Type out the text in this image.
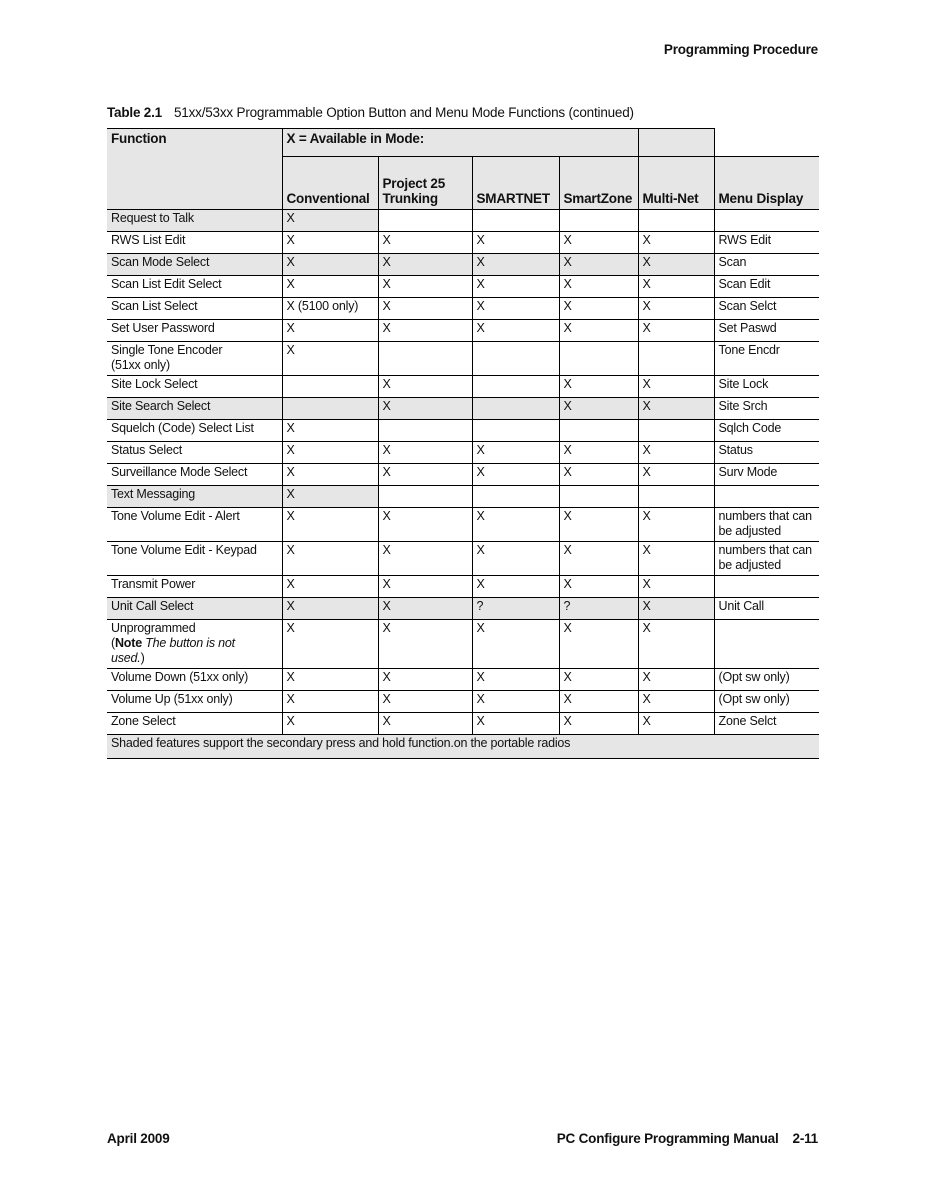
Programming Procedure
Table 2.1 51xx/53xx Programmable Option Button and Menu Mode Functions (continued)
Function	X = Available in Mode:					
	Conventional	Project 25
Trunking	SMARTNET	SmartZone	Multi-Net	Menu Display
Request to Talk	X					
RWS List Edit	X	X	X	X	X	RWS Edit
Scan Mode Select	X	X	X	X	X	Scan
Scan List Edit Select	X	X	X	X	X	Scan Edit
Scan List Select	X (5100 only)	X	X	X	X	Scan Selct
Set User Password	X	X	X	X	X	Set Paswd
Single Tone Encoder
(51xx only)	X					Tone Encdr
Site Lock Select		X		X	X	Site Lock
Site Search Select		X		X	X	Site Srch
Squelch (Code) Select List	X					Sqlch Code
Status Select	X	X	X	X	X	Status
Surveillance Mode Select	X	X	X	X	X	Surv Mode
Text Messaging	X					
Tone Volume Edit - Alert	X	X	X	X	X	numbers that can
be adjusted
Tone Volume Edit - Keypad	X	X	X	X	X	numbers that can
be adjusted
Transmit Power	X	X	X	X	X	
Unit Call Select	X	X	?	?	X	Unit Call
Unprogrammed
(Note The button is not
used.)	X	X	X	X	X	
Volume Down (51xx only)	X	X	X	X	X	(Opt sw only)
Volume Up (51xx only)	X	X	X	X	X	(Opt sw only)
Zone Select	X	X	X	X	X	Zone Selct
Shaded features support the secondary press and hold function.on the portable radios						
April 2009	PC Configure Programming Manual 2-11
